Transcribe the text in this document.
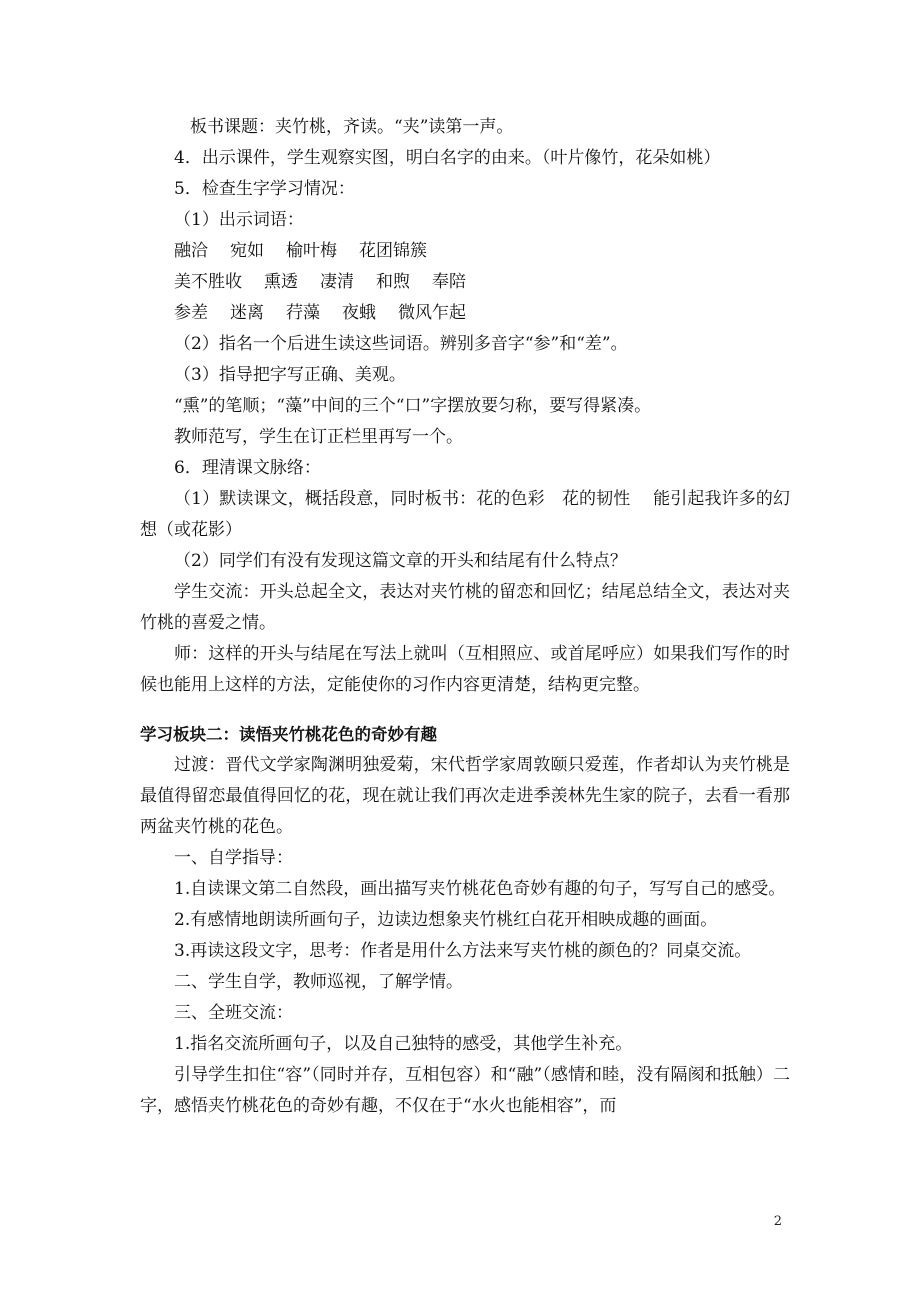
板书课题：夹竹桃，齐读。“夹”读第一声。

4．出示课件，学生观察实图，明白名字的由来。（叶片像竹，花朵如桃）

5．检查生字学习情况：

（1）出示词语：

融洽 宛如 榆叶梅 花团锦簇

美不胜收 熏透 凄清 和煦 奉陪

参差 迷离 荇藻 夜蛾 微风乍起

（2）指名一个后进生读这些词语。辨别多音字“参”和“差”。

（3）指导把字写正确、美观。

“熏”的笔顺；“藻”中间的三个“口”字摆放要匀称，要写得紧凑。

教师范写，学生在订正栏里再写一个。

6．理清课文脉络：

（1）默读课文，概括段意，同时板书：花的色彩　花的韧性　 能引起我许多的幻想（或花影）

（2）同学们有没有发现这篇文章的开头和结尾有什么特点？

学生交流：开头总起全文，表达对夹竹桃的留恋和回忆；结尾总结全文，表达对夹竹桃的喜爱之情。

师：这样的开头与结尾在写法上就叫（互相照应、或首尾呼应）如果我们写作的时候也能用上这样的方法，定能使你的习作内容更清楚，结构更完整。

学习板块二：读悟夹竹桃花色的奇妙有趣

过渡：晋代文学家陶渊明独爱菊，宋代哲学家周敦颐只爱莲，作者却认为夹竹桃是最值得留恋最值得回忆的花，现在就让我们再次走进季羡林先生家的院子，去看一看那两盆夹竹桃的花色。

一、自学指导：

1.自读课文第二自然段，画出描写夹竹桃花色奇妙有趣的句子，写写自己的感受。

2.有感情地朗读所画句子，边读边想象夹竹桃红白花开相映成趣的画面。

3.再读这段文字，思考：作者是用什么方法来写夹竹桃的颜色的？同桌交流。

二、学生自学，教师巡视，了解学情。

三、全班交流：

1.指名交流所画句子，以及自己独特的感受，其他学生补充。

引导学生扣住“容”（同时并存，互相包容）和“融”（感情和睦，没有隔阂和抵触）二字，感悟夹竹桃花色的奇妙有趣，不仅在于“水火也能相容”，而

2
